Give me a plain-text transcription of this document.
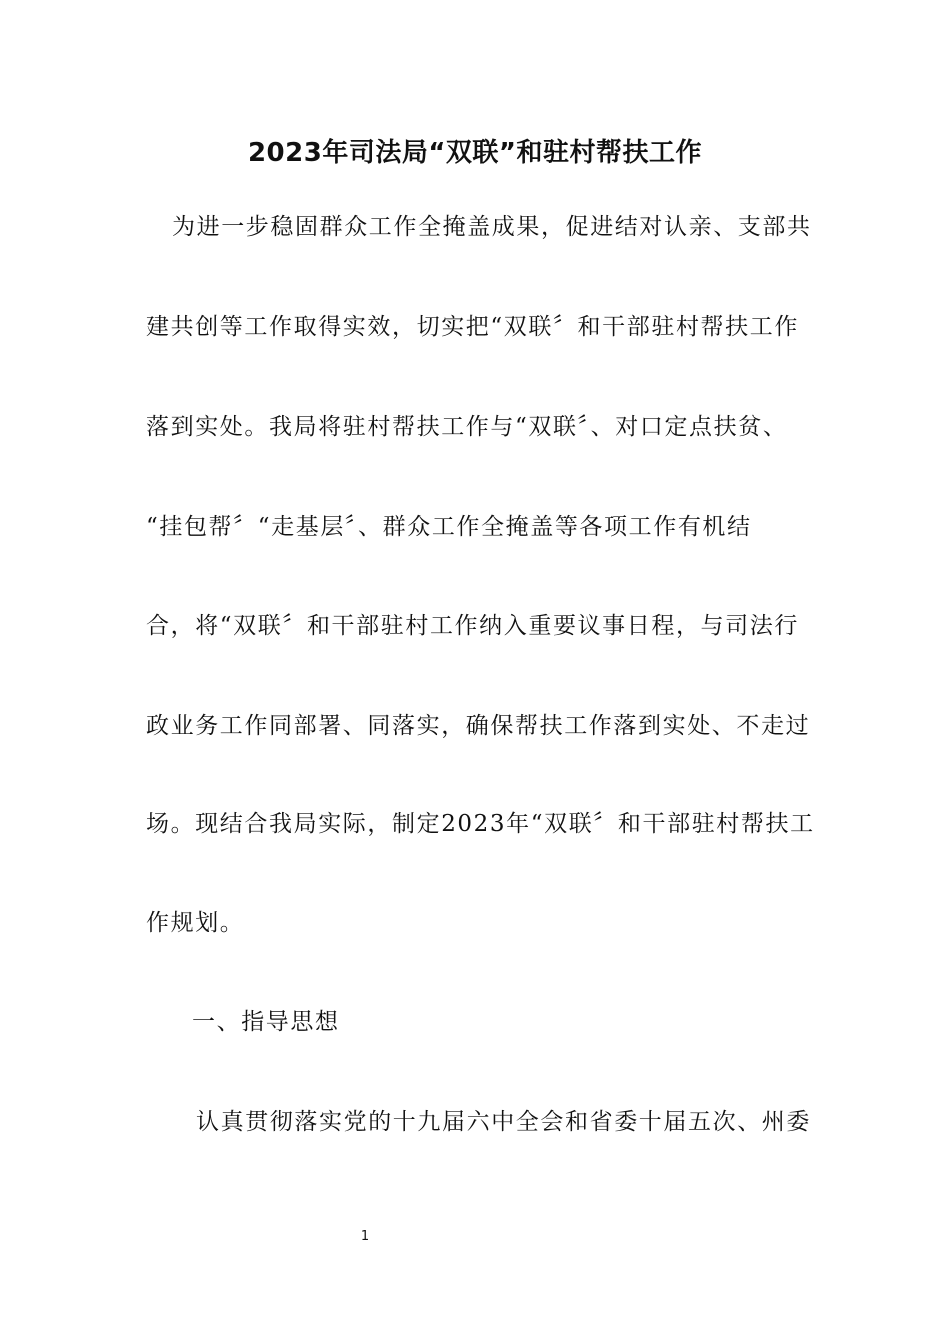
2023年司法局“双联”和驻村帮扶工作
为进一步稳固群众工作全掩盖成果，促进结对认亲、支部共
建共创等工作取得实效，切实把“双联〞和干部驻村帮扶工作
落到实处。我局将驻村帮扶工作与“双联〞、对口定点扶贫、
“挂包帮〞“走基层〞、群众工作全掩盖等各项工作有机结
合，将“双联〞和干部驻村工作纳入重要议事日程，与司法行
政业务工作同部署、同落实，确保帮扶工作落到实处、不走过
场。现结合我局实际，制定2023年“双联〞和干部驻村帮扶工
作规划。
一、指导思想
认真贯彻落实党的十九届六中全会和省委十届五次、州委
1
